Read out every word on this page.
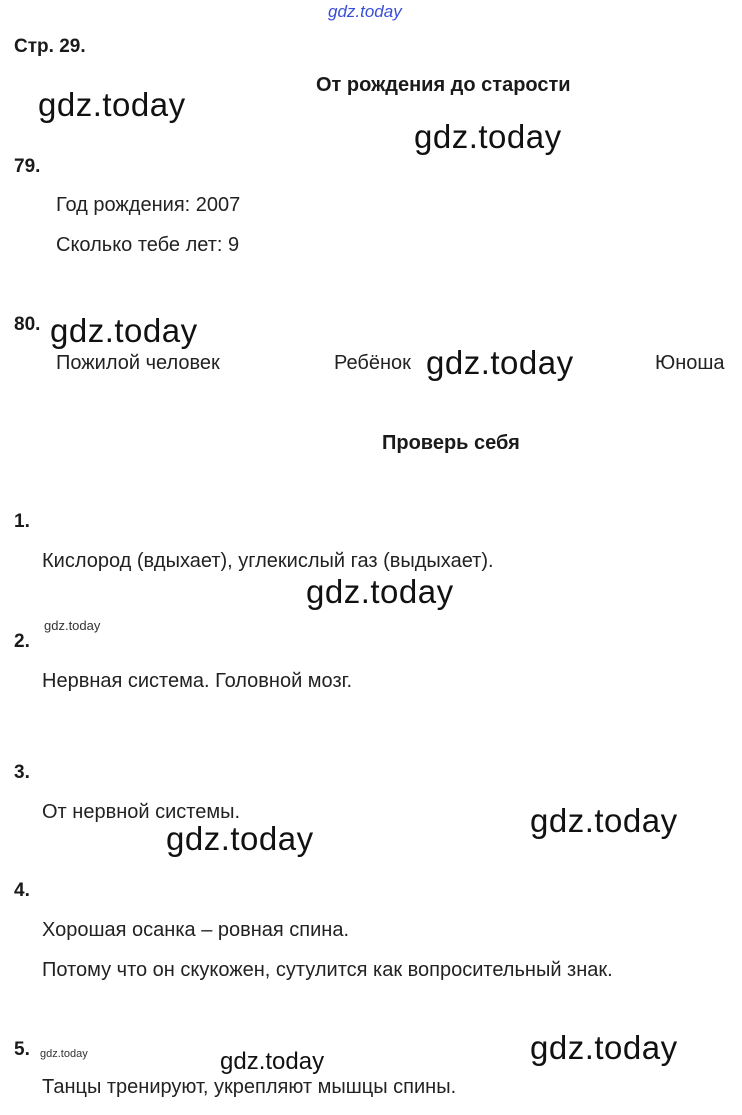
gdz.today
Стр. 29.
От рождения до старости
gdz.today
gdz.today
79.
Год рождения: 2007
Сколько тебе лет: 9
80. gdz.today
Пожилой человек	Ребёнок gdz.today	Юноша
Проверь себя
1.
Кислород (вдыхает), углекислый газ (выдыхает).
gdz.today
gdz.today
2.
Нервная система. Головной мозг.
3.
От нервной системы.	gdz.today
gdz.today
4.
Хорошая осанка – ровная спина.
Потому что он скукожен, сутулится как вопросительный знак.
5. gdz.today	gdz.today
gdz.today
Танцы тренируют, укрепляют мышцы спины.
